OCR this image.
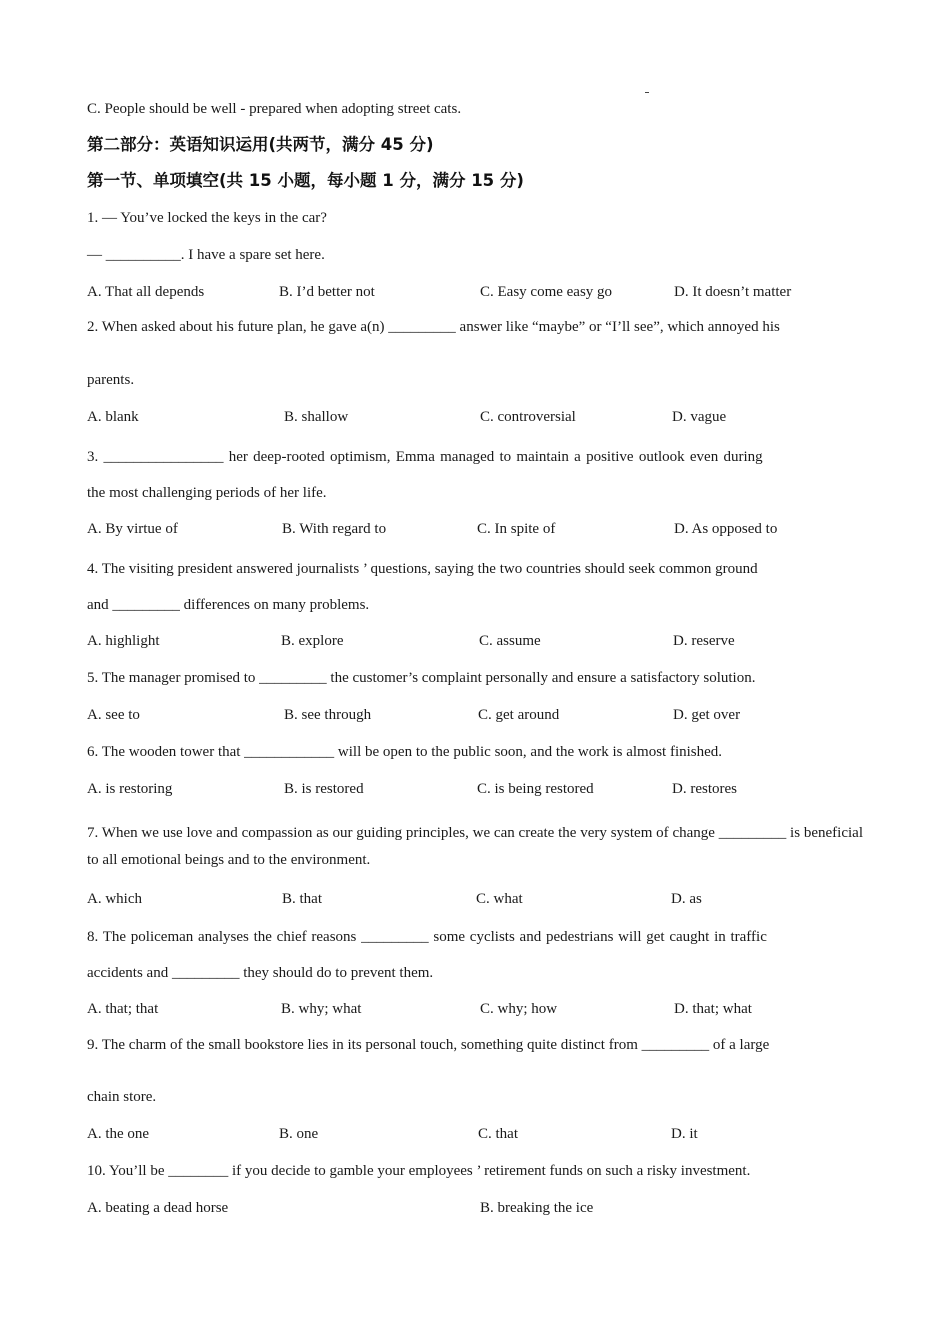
C. People should be well - prepared when adopting street cats.
第二部分：英语知识运用(共两节，满分 45 分)
第一节、单项填空(共 15 小题，每小题 1 分，满分 15 分)
1. — You’ve locked the keys in the car?
— __________. I have a spare set here.
A. That all depends	B. I’d better not	C. Easy come easy go	D. It doesn’t matter
2. When asked about his future plan, he gave a(n) _________ answer like “maybe” or “I’ll see”, which annoyed his
parents.
A. blank	B. shallow	C. controversial	D. vague
3. ________________ her deep-rooted optimism, Emma managed to maintain a positive outlook even during
the most challenging periods of her life.
A. By virtue of	B. With regard to	C. In spite of	D. As opposed to
4. The visiting president answered journalists ’ questions, saying the two countries should seek common ground
and _________ differences on many problems.
A. highlight	B. explore	C. assume	D. reserve
5. The manager promised to _________ the customer’s complaint personally and ensure a satisfactory solution.
A. see to	B. see through	C. get around	D. get over
6. The wooden tower that ____________ will be open to the public soon, and the work is almost finished.
A. is restoring	B. is restored	C. is being restored	D. restores
7. When we use love and compassion as our guiding principles, we can create the very system of change _________ is beneficial to all emotional beings and to the environment.
A. which	B. that	C. what	D. as
8. The policeman analyses the chief reasons _________ some cyclists and pedestrians will get caught in traffic
accidents and _________ they should do to prevent them.
A. that; that	B. why; what	C. why; how	D. that; what
9. The charm of the small bookstore lies in its personal touch, something quite distinct from _________ of a large
chain store.
A. the one	B. one	C. that	D. it
10. You’ll be ________ if you decide to gamble your employees ’ retirement funds on such a risky investment.
A. beating a dead horse	B. breaking the ice
